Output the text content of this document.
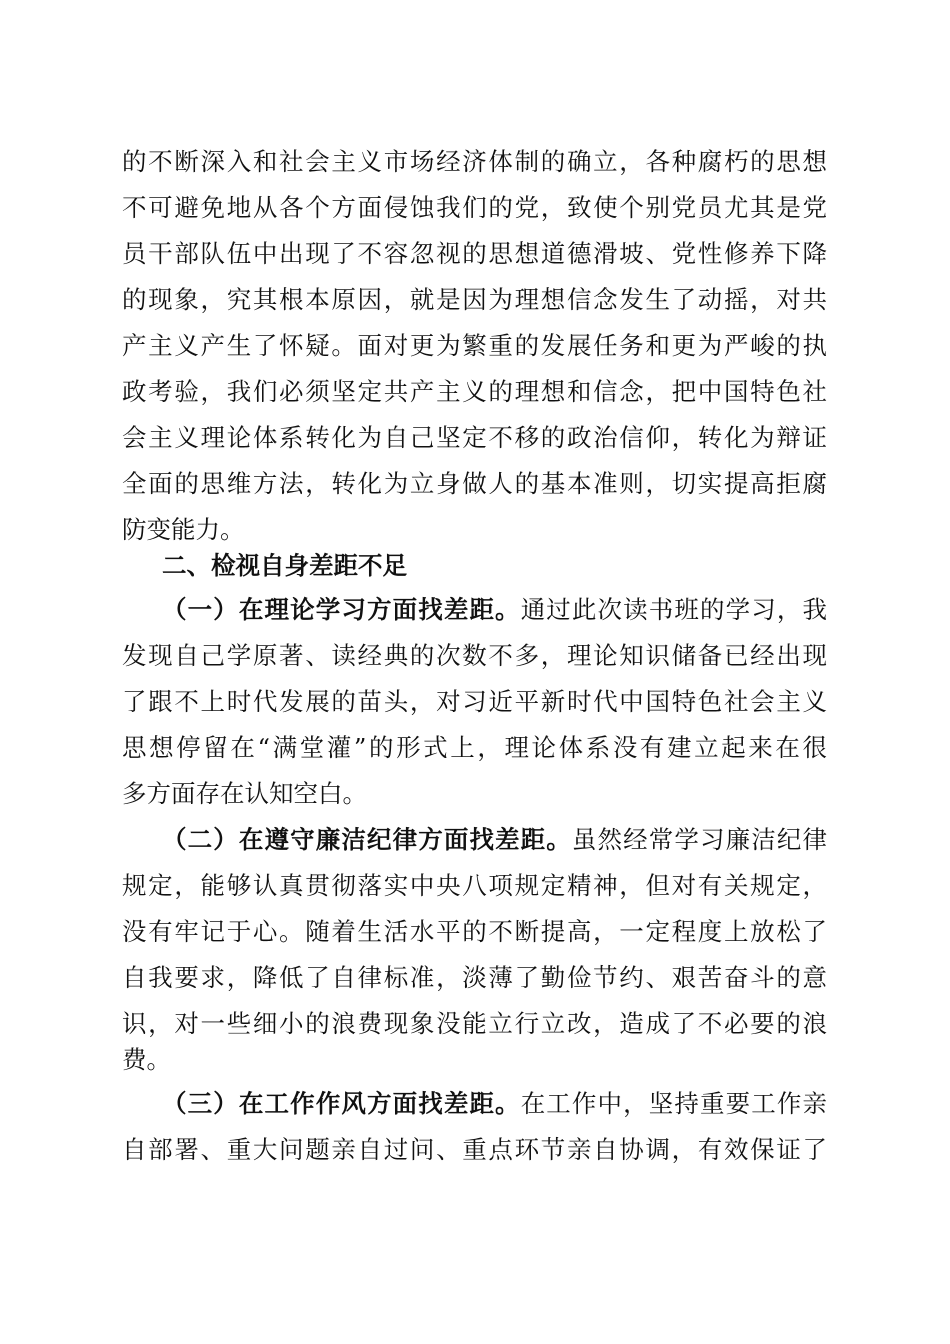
的不断深入和社会主义市场经济体制的确立，各种腐朽的思想
不可避免地从各个方面侵蚀我们的党，致使个别党员尤其是党
员干部队伍中出现了不容忽视的思想道德滑坡、党性修养下降
的现象，究其根本原因，就是因为理想信念发生了动摇，对共
产主义产生了怀疑。面对更为繁重的发展任务和更为严峻的执
政考验，我们必须坚定共产主义的理想和信念，把中国特色社
会主义理论体系转化为自己坚定不移的政治信仰，转化为辩证
全面的思维方法，转化为立身做人的基本准则，切实提高拒腐
防变能力。
二、检视自身差距不足
（一）在理论学习方面找差距。通过此次读书班的学习，我
发现自己学原著、读经典的次数不多，理论知识储备已经出现
了跟不上时代发展的苗头，对习近平新时代中国特色社会主义
思想停留在“满堂灌”的形式上，理论体系没有建立起来在很
多方面存在认知空白。
（二）在遵守廉洁纪律方面找差距。虽然经常学习廉洁纪律
规定，能够认真贯彻落实中央八项规定精神，但对有关规定，
没有牢记于心。随着生活水平的不断提高，一定程度上放松了
自我要求，降低了自律标准，淡薄了勤俭节约、艰苦奋斗的意
识，对一些细小的浪费现象没能立行立改，造成了不必要的浪
费。
（三）在工作作风方面找差距。在工作中，坚持重要工作亲
自部署、重大问题亲自过问、重点环节亲自协调，有效保证了
